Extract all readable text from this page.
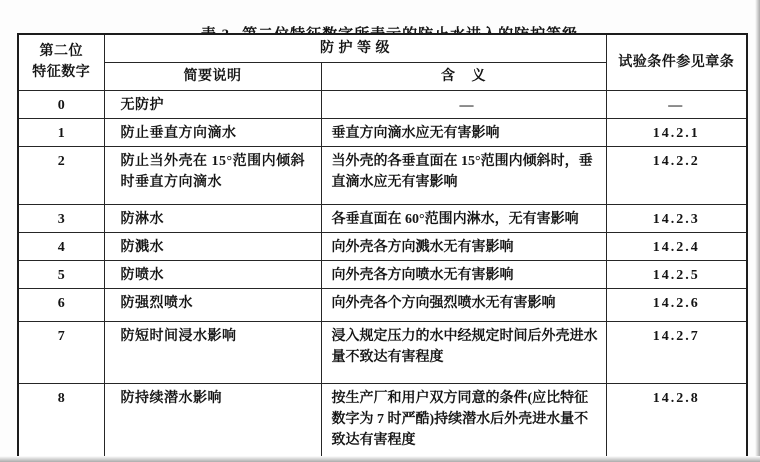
第二位
特征数字	防 护 等 级		试验条件参见章条
	简要说明	含    义	
0	无防护	—	—
1	防止垂直方向滴水	垂直方向滴水应无有害影响	14.2.1
2	防止当外壳在 15°范围内倾斜时垂直方向滴水	当外壳的各垂直面在 15°范围内倾斜时，垂直滴水应无有害影响	14.2.2
3	防淋水	各垂直面在 60°范围内淋水，无有害影响	14.2.3
4	防溅水	向外壳各方向溅水无有害影响	14.2.4
5	防喷水	向外壳各方向喷水无有害影响	14.2.5
6	防强烈喷水	向外壳各个方向强烈喷水无有害影响	14.2.6
7	防短时间浸水影响	浸入规定压力的水中经规定时间后外壳进水量不致达有害程度	14.2.7
8	防持续潜水影响	按生产厂和用户双方同意的条件(应比特征数字为 7 时严酷)持续潜水后外壳进水量不致达有害程度	14.2.8
